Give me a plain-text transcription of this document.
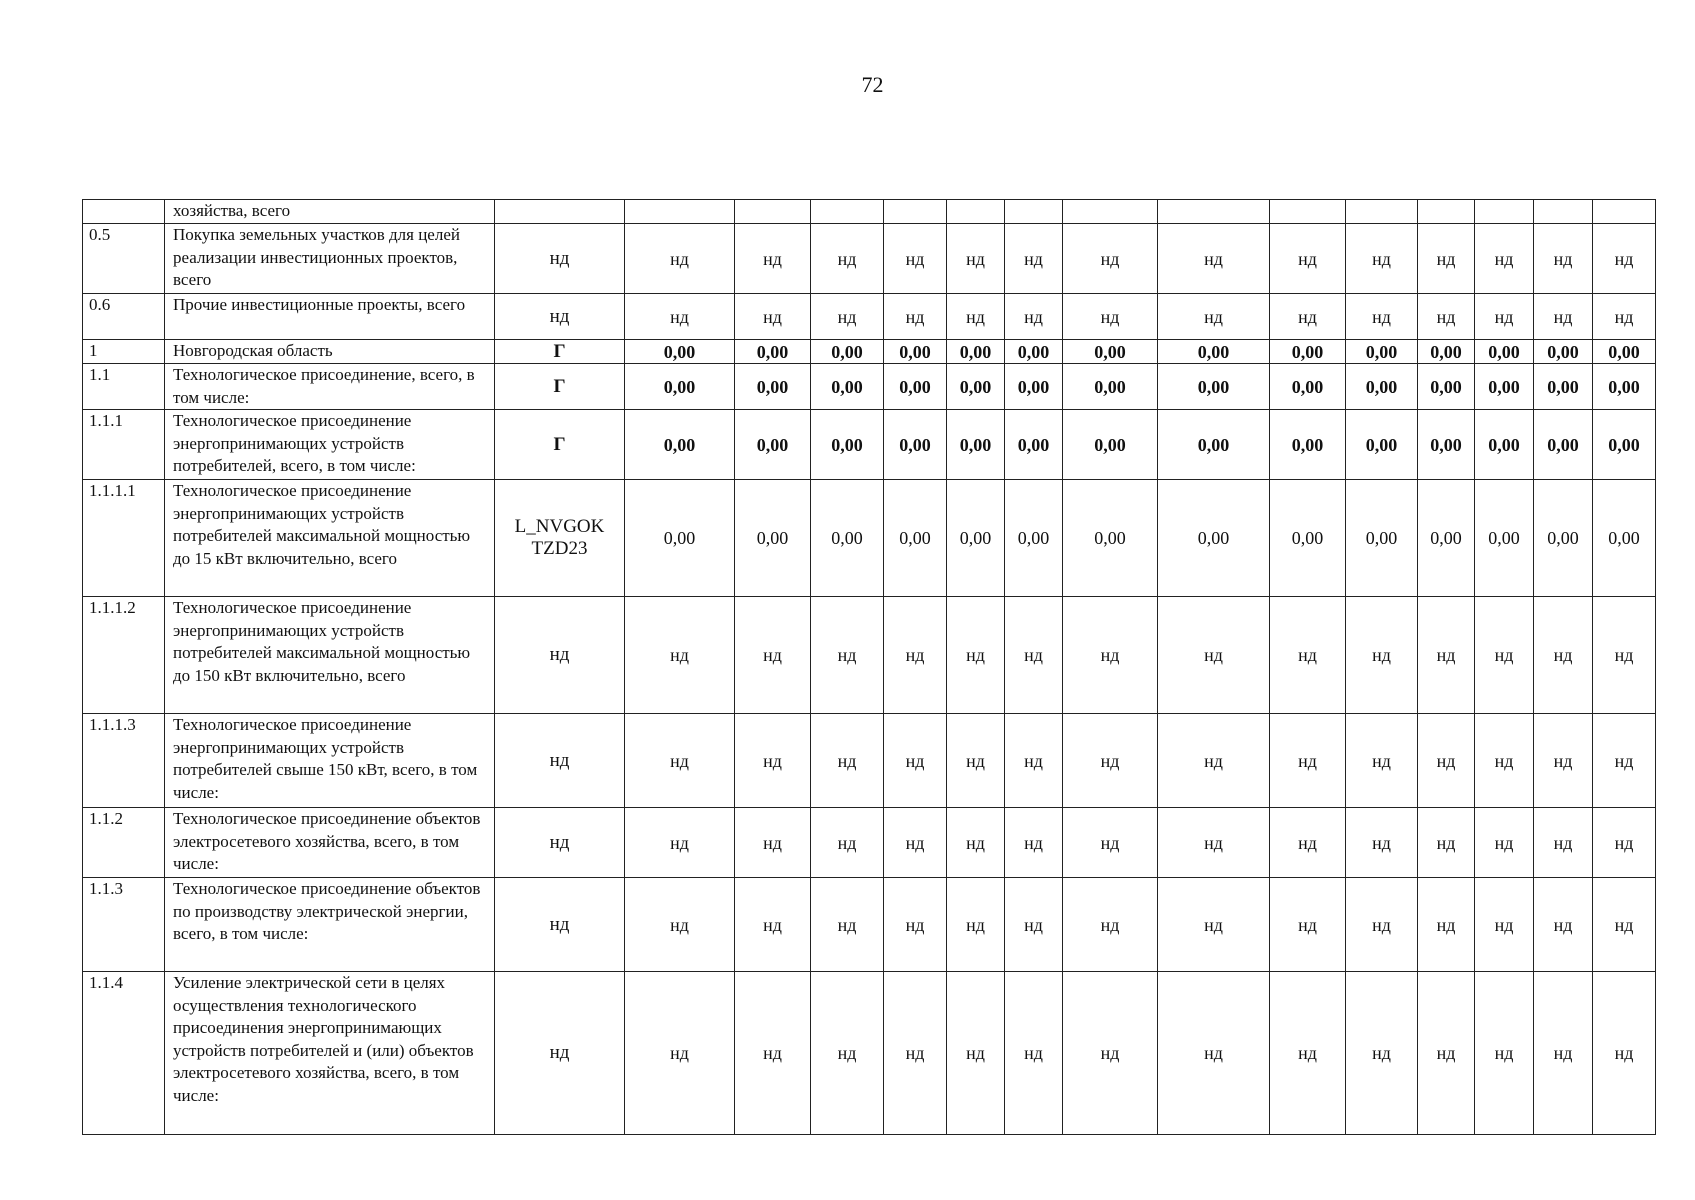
72
	хозяйства, всего															
0.5	Покупка земельных участков для целей реализации инвестиционных проектов, всего	нд	нд	нд	нд	нд	нд	нд	нд	нд	нд	нд	нд	нд	нд	нд
0.6	Прочие инвестиционные проекты, всего	нд	нд	нд	нд	нд	нд	нд	нд	нд	нд	нд	нд	нд	нд	нд
1	Новгородская область	Г	0,00	0,00	0,00	0,00	0,00	0,00	0,00	0,00	0,00	0,00	0,00	0,00	0,00	0,00
1.1	Технологическое присоединение, всего, в том числе:	Г	0,00	0,00	0,00	0,00	0,00	0,00	0,00	0,00	0,00	0,00	0,00	0,00	0,00	0,00
1.1.1	Технологическое присоединение энергопринимающих устройств потребителей, всего, в том числе:	Г	0,00	0,00	0,00	0,00	0,00	0,00	0,00	0,00	0,00	0,00	0,00	0,00	0,00	0,00
1.1.1.1	Технологическое присоединение энергопринимающих устройств потребителей максимальной мощностью до 15 кВт включительно, всего	L_NVGOK TZD23	0,00	0,00	0,00	0,00	0,00	0,00	0,00	0,00	0,00	0,00	0,00	0,00	0,00	0,00
1.1.1.2	Технологическое присоединение энергопринимающих устройств потребителей максимальной мощностью до 150 кВт включительно, всего	нд	нд	нд	нд	нд	нд	нд	нд	нд	нд	нд	нд	нд	нд	нд
1.1.1.3	Технологическое присоединение энергопринимающих устройств потребителей свыше 150 кВт, всего, в том числе:	нд	нд	нд	нд	нд	нд	нд	нд	нд	нд	нд	нд	нд	нд	нд
1.1.2	Технологическое присоединение объектов электросетевого хозяйства, всего, в том числе:	нд	нд	нд	нд	нд	нд	нд	нд	нд	нд	нд	нд	нд	нд	нд
1.1.3	Технологическое присоединение объектов по производству электрической энергии, всего, в том числе:	нд	нд	нд	нд	нд	нд	нд	нд	нд	нд	нд	нд	нд	нд	нд
1.1.4	Усиление электрической сети в целях осуществления технологического присоединения энергопринимающих устройств потребителей и (или) объектов электросетевого хозяйства, всего, в том числе:	нд	нд	нд	нд	нд	нд	нд	нд	нд	нд	нд	нд	нд	нд	нд
